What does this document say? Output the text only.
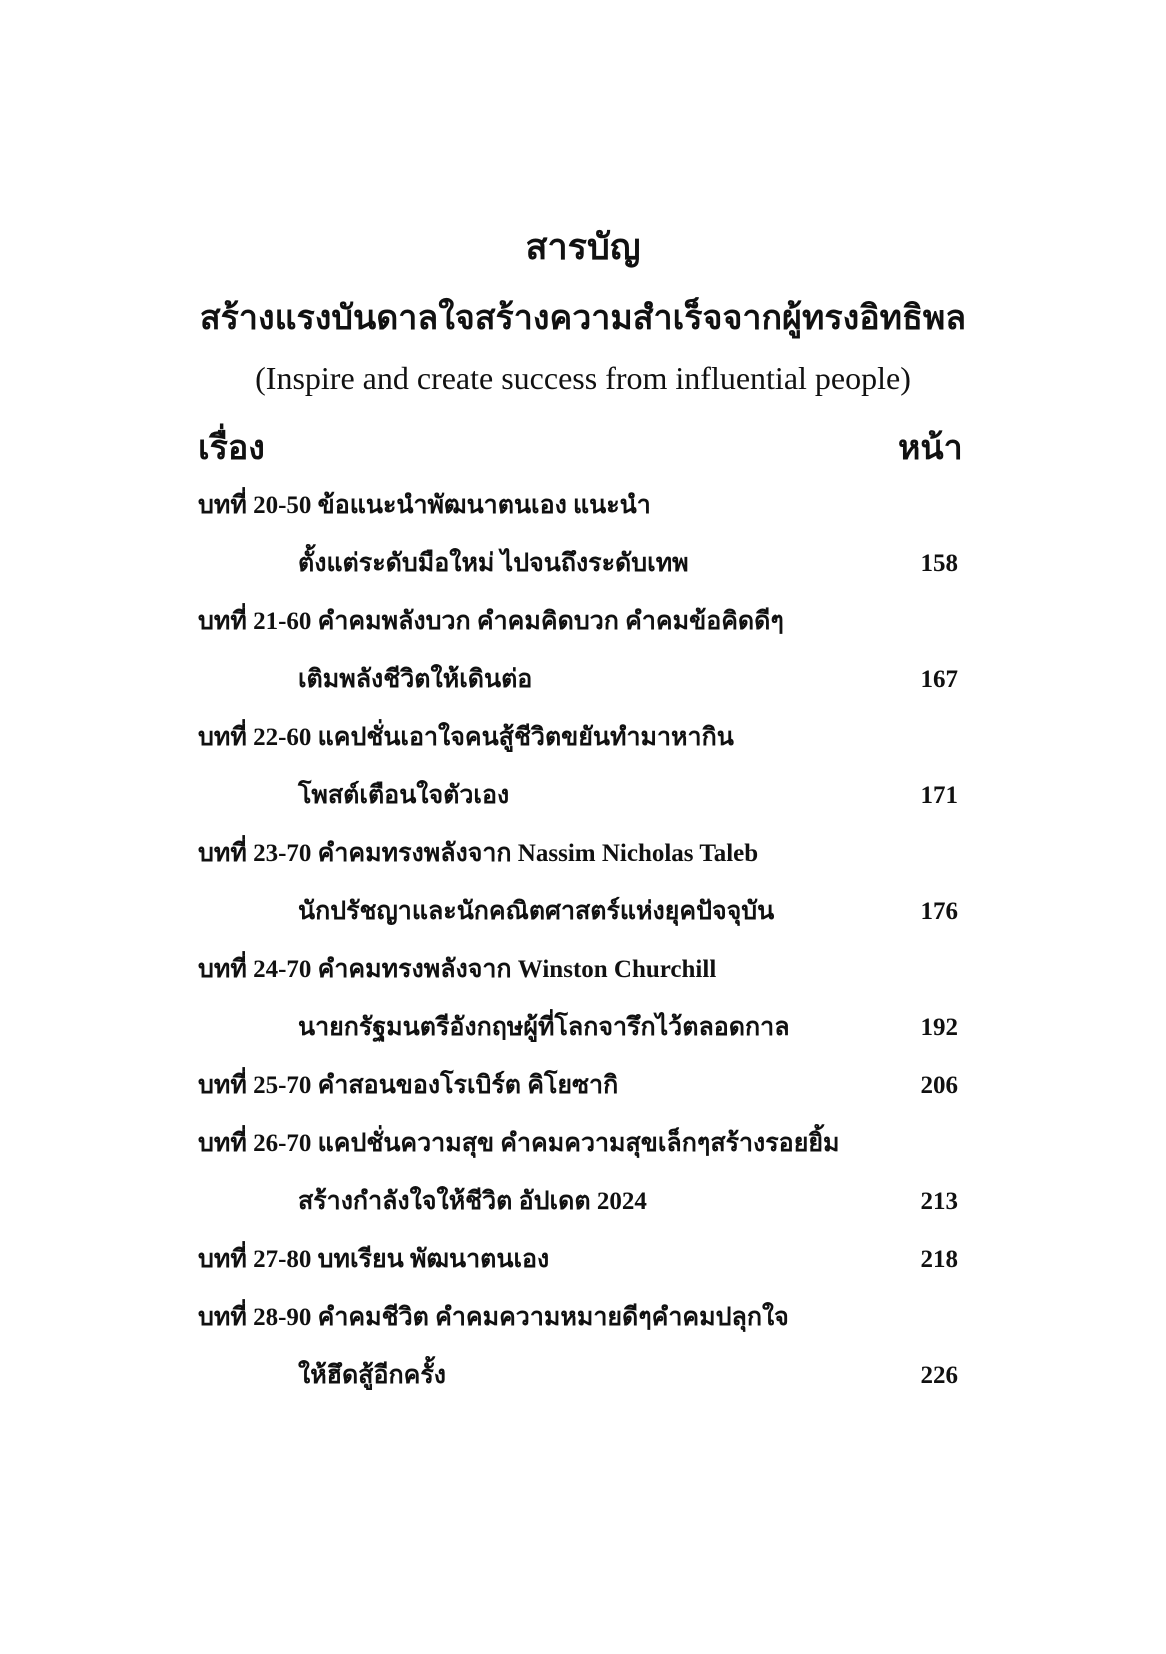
สารบัญ
สร้างแรงบันดาลใจสร้างความสำเร็จจากผู้ทรงอิทธิพล
(Inspire and create success from influential people)
เรื่อง	หน้า
บทที่ 20-50 ข้อแนะนำพัฒนาตนเอง แนะนำ
ตั้งแต่ระดับมือใหม่ ไปจนถึงระดับเทพ	158
บทที่ 21-60 คำคมพลังบวก คำคมคิดบวก คำคมข้อคิดดีๆ
เติมพลังชีวิตให้เดินต่อ	167
บทที่ 22-60 แคปชั่นเอาใจคนสู้ชีวิตขยันทำมาหากิน
โพสต์เตือนใจตัวเอง	171
บทที่ 23-70 คำคมทรงพลังจาก Nassim Nicholas Taleb
นักปรัชญาและนักคณิตศาสตร์แห่งยุคปัจจุบัน	176
บทที่ 24-70 คำคมทรงพลังจาก Winston Churchill
นายกรัฐมนตรีอังกฤษผู้ที่โลกจารึกไว้ตลอดกาล	192
บทที่ 25-70 คำสอนของโรเบิร์ต คิโยซากิ	206
บทที่ 26-70 แคปชั่นความสุข คำคมความสุขเล็กๆสร้างรอยยิ้ม
สร้างกำลังใจให้ชีวิต อัปเดต 2024	213
บทที่ 27-80 บทเรียน พัฒนาตนเอง	218
บทที่ 28-90 คำคมชีวิต คำคมความหมายดีๆคำคมปลุกใจ
ให้ฮึดสู้อีกครั้ง	226
